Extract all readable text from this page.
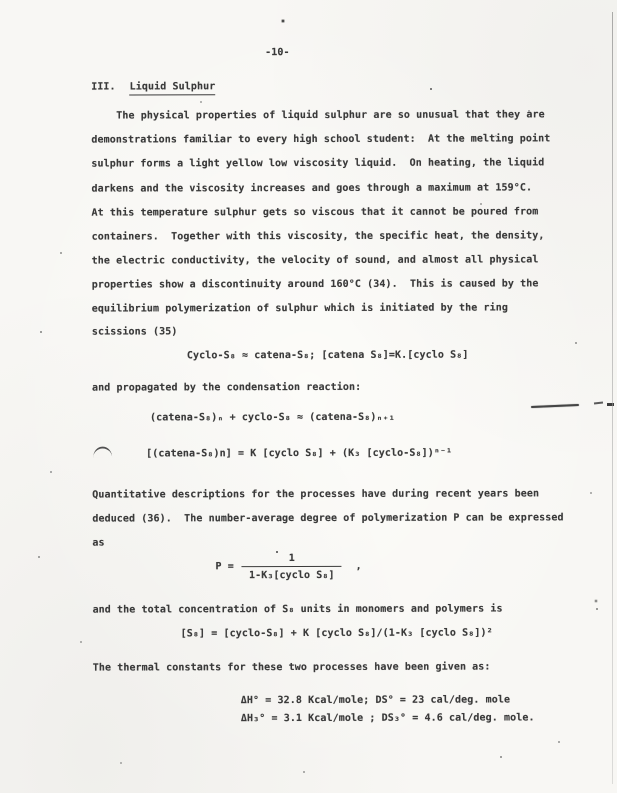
-10-
III. Liquid Sulphur
The physical properties of liquid sulphur are so unusual that they are
demonstrations familiar to every high school student:  At the melting point
sulphur forms a light yellow low viscosity liquid.  On heating, the liquid
darkens and the viscosity increases and goes through a maximum at 159°C.
At this temperature sulphur gets so viscous that it cannot be poured from
containers.  Together with this viscosity, the specific heat, the density,
the electric conductivity, the velocity of sound, and almost all physical
properties show a discontinuity around 160°C (34).  This is caused by the
equilibrium polymerization of sulphur which is initiated by the ring
scissions (35)
Cyclo-S₈ ≈ catena-S₈; [catena S₈]=K.[cyclo S₈]
and propagated by the condensation reaction:
(catena-S₈)ₙ + cyclo-S₈ ≈ (catena-S₈)ₙ₊₁
[(catena-S₈)n] = K [cyclo S₈] + (K₃ [cyclo-S₈])ⁿ⁻¹
Quantitative descriptions for the processes have during recent years been
deduced (36).  The number-average degree of polymerization P can be expressed
as
$P = \frac{1}{\text{1-K₃[cyclo S₈]}}$ ,
and the total concentration of S₈ units in monomers and polymers is
[S₈] = [cyclo-S₈] + K [cyclo S₈]/(1-K₃ [cyclo S₈])²
The thermal constants for these two processes have been given as:
ΔH° = 32.8 Kcal/mole; DS° = 23 cal/deg. mole
ΔH₃° = 3.1 Kcal/mole ; DS₃° = 4.6 cal/deg. mole.
